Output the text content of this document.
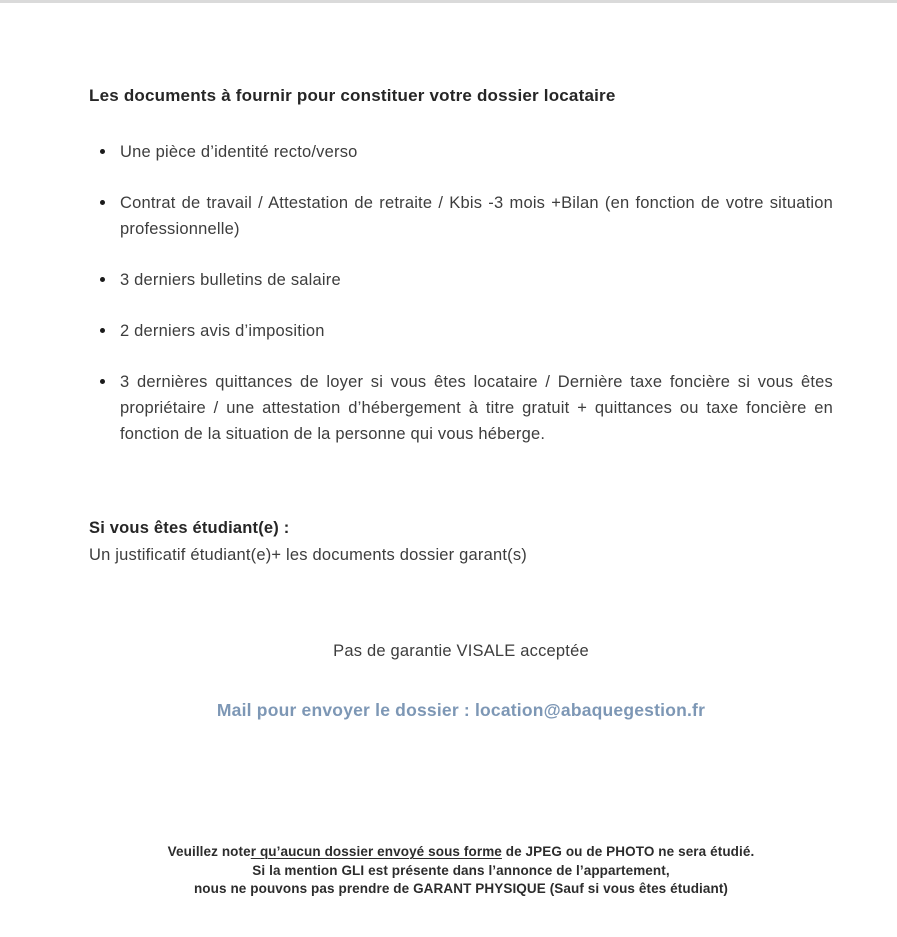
Les documents à fournir pour constituer votre dossier locataire
Une pièce d’identité recto/verso
Contrat de travail / Attestation de retraite / Kbis -3 mois +Bilan (en fonction de votre situation professionnelle)
3 derniers bulletins de salaire
2 derniers avis d’imposition
3 dernières quittances de loyer si vous êtes locataire / Dernière taxe foncière si vous êtes propriétaire / une attestation d’hébergement à titre gratuit + quittances ou taxe foncière en fonction de la situation de la personne qui vous héberge.
Si vous êtes étudiant(e) :
Un justificatif étudiant(e)+ les documents dossier garant(s)
Pas de garantie VISALE acceptée
Mail pour envoyer le dossier : location@abaquegestion.fr
Veuillez noter qu’aucun dossier envoyé sous forme de JPEG ou de PHOTO ne sera étudié.
Si la mention GLI est présente dans l’annonce de l’appartement,
nous ne pouvons pas prendre de GARANT PHYSIQUE (Sauf si vous êtes étudiant)
